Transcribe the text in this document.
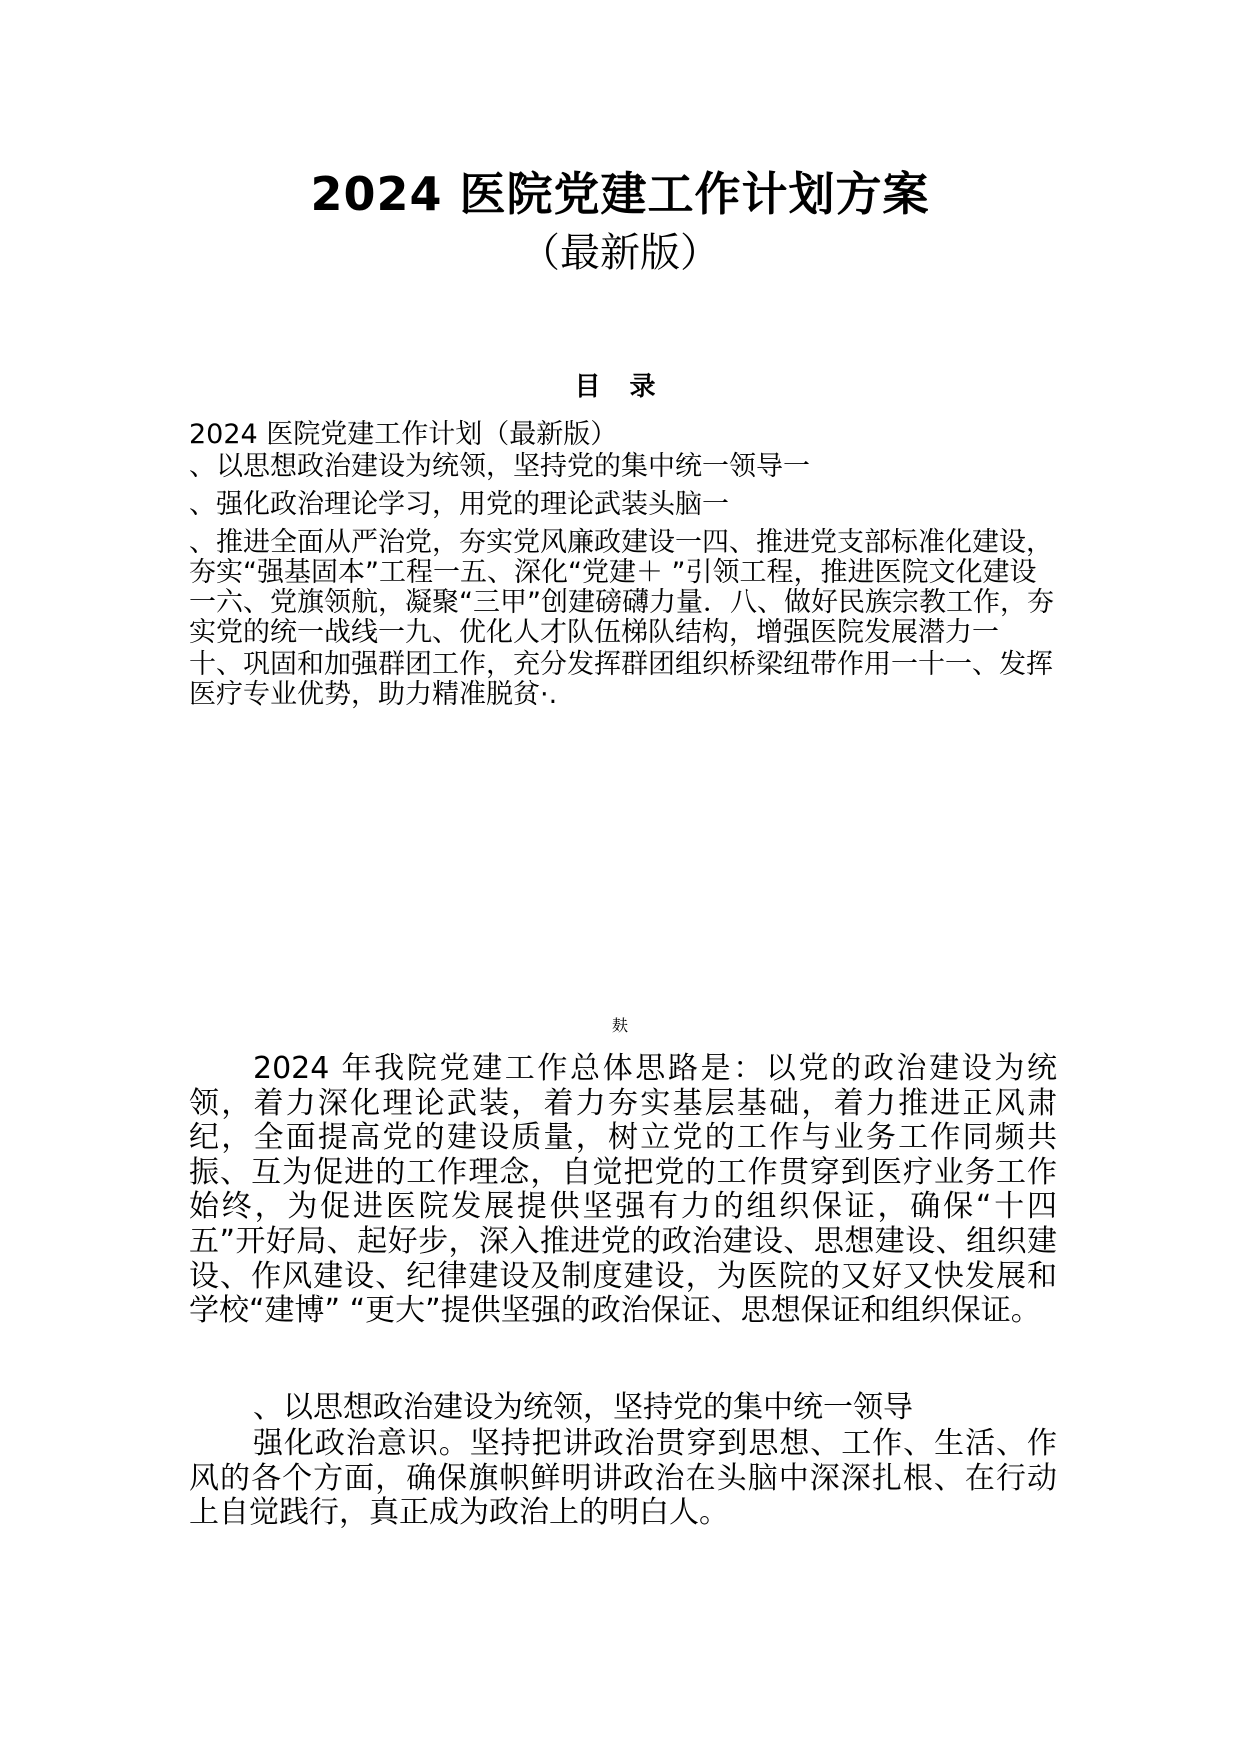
2024 医院党建工作计划方案
（最新版）
目 录
2024 医院党建工作计划（最新版）
、以思想政治建设为统领，坚持党的集中统一领导一
、强化政治理论学习，用党的理论武装头脑一
、推进全面从严治党，夯实党风廉政建设一四、推进党支部标准化建设，夯实“强基固本”工程一五、深化“党建＋ ”引领工程，推进医院文化建设一六、党旗领航，凝聚“三甲”创建磅礴力量．八、做好民族宗教工作，夯实党的统一战线一九、优化人才队伍梯队结构，增强医院发展潜力一
十、巩固和加强群团工作，充分发挥群团组织桥梁纽带作用一十一、发挥医疗专业优势，助力精准脱贫·.
麸

2024 年我院党建工作总体思路是：以党的政治建设为统领，着力深化理论武装，着力夯实基层基础，着力推进正风肃纪，全面提高党的建设质量，树立党的工作与业务工作同频共振、互为促进的工作理念，自觉把党的工作贯穿到医疗业务工作始终，为促进医院发展提供坚强有力的组织保证，确保“十四五”开好局、起好步，深入推进党的政治建设、思想建设、组织建设、作风建设、纪律建设及制度建设，为医院的又好又快发展和学校“建博” “更大”提供坚强的政治保证、思想保证和组织保证。

、以思想政治建设为统领，坚持党的集中统一领导

强化政治意识。坚持把讲政治贯穿到思想、工作、生活、作风的各个方面，确保旗帜鲜明讲政治在头脑中深深扎根、在行动上自觉践行，真正成为政治上的明白人。
